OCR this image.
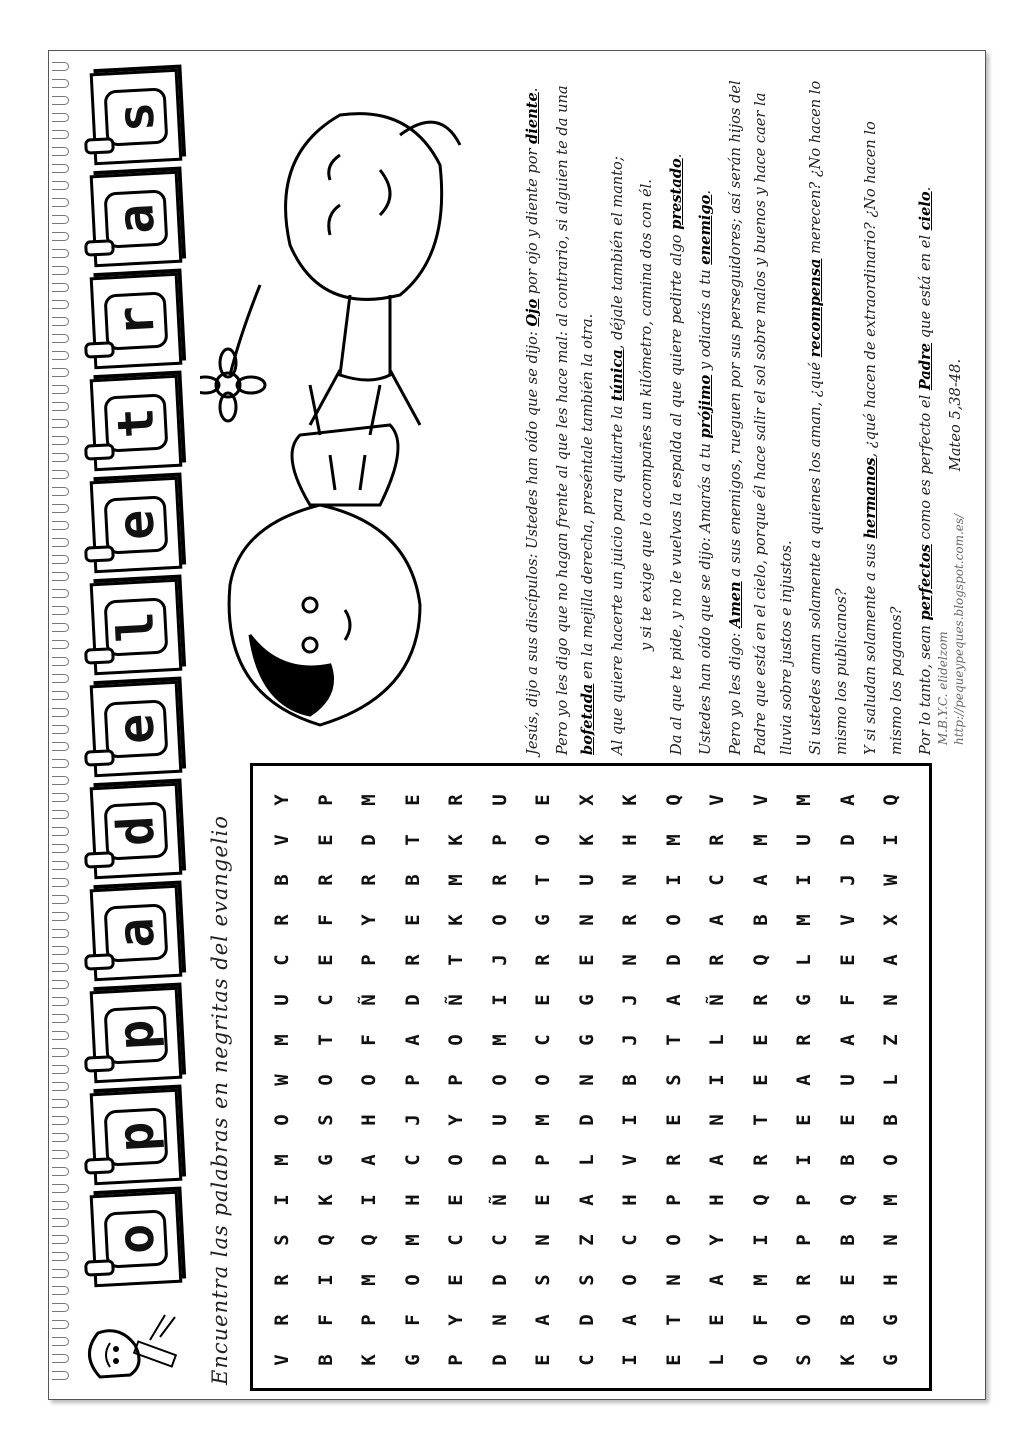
o
p
p
a
d
e
l
e
t
r
a
s
Encuentra las palabras en negritas del evangelio	V
R
R
S
I
M
O
W
M
U
C
R
B
V
Y
B
F
I
Q
K
G
S
O
T
C
E
F
R
E
P
K
P
M
Q
I
A
H
O
F
Ñ
P
Y
R
D
M
G
F
O
M
H
C
J
P
A
D
R
E
B
T
E
P
Y
E
C
E
O
Y
P
O
Ñ
T
K
M
K
R
D
N
D
C
Ñ
D
U
O
M
I
J
O
R
P
U
E
A
S
N
E
P
M
O
C
E
R
G
T
O
E
C
D
S
Z
A
L
D
N
G
G
E
N
U
K
X
I
A
O
C
H
V
I
B
J
J
N
R
N
H
K
E
T
N
O
P
R
E
S
T
A
D
O
I
M
Q
L
E
A
Y
H
A
N
I
L
Ñ
R
A
C
R
V
O
F
M
I
Q
R
T
E
E
R
Q
B
A
M
V
S
O
R
P
P
I
E
A
R
G
L
M
I
U
M
K
B
E
B
Q
B
E
U
A
F
E
V
J
D
A
G
G
H
N
M
O
B
L
Z
N
A
X
W
I
Q

Jesús, dijo a sus discípulos: Ustedes han oído que se dijo: Ojo por ojo y diente por diente. Pero yo les digo que no hagan frente al que les hace mal: al contrario, si alguien te da una bofetada en la mejilla derecha, preséntale también la otra. Al que quiere hacerte un juicio para quitarte la túnica, déjale también el manto; y si te exige que lo acompañes un kilómetro, camina dos con él. Da al que te pide, y no le vuelvas la espalda al que quiere pedirte algo prestado.

Ustedes han oído que se dijo: Amarás a tu prójimo y odiarás a tu enemigo.

Pero yo les digo: Amen a sus enemigos, rueguen por sus perseguidores; así serán hijos del Padre que está en el cielo, porque él hace salir el sol sobre malos y buenos y hace caer la lluvia sobre justos e injustos. Si ustedes aman solamente a quienes los aman, ¿qué recompensa merecen? ¿No hacen lo mismo los publicanos? Y si saludan solamente a sus hermanos, ¿qué hacen de extraordinario? ¿No hacen lo mismo los paganos? Por lo tanto, sean perfectos como es perfecto el Padre que está en el cielo.

Mateo 5,38-48.

M.B.Y.C. elidelzom http://pequeypeques.blogspot.com.es/
